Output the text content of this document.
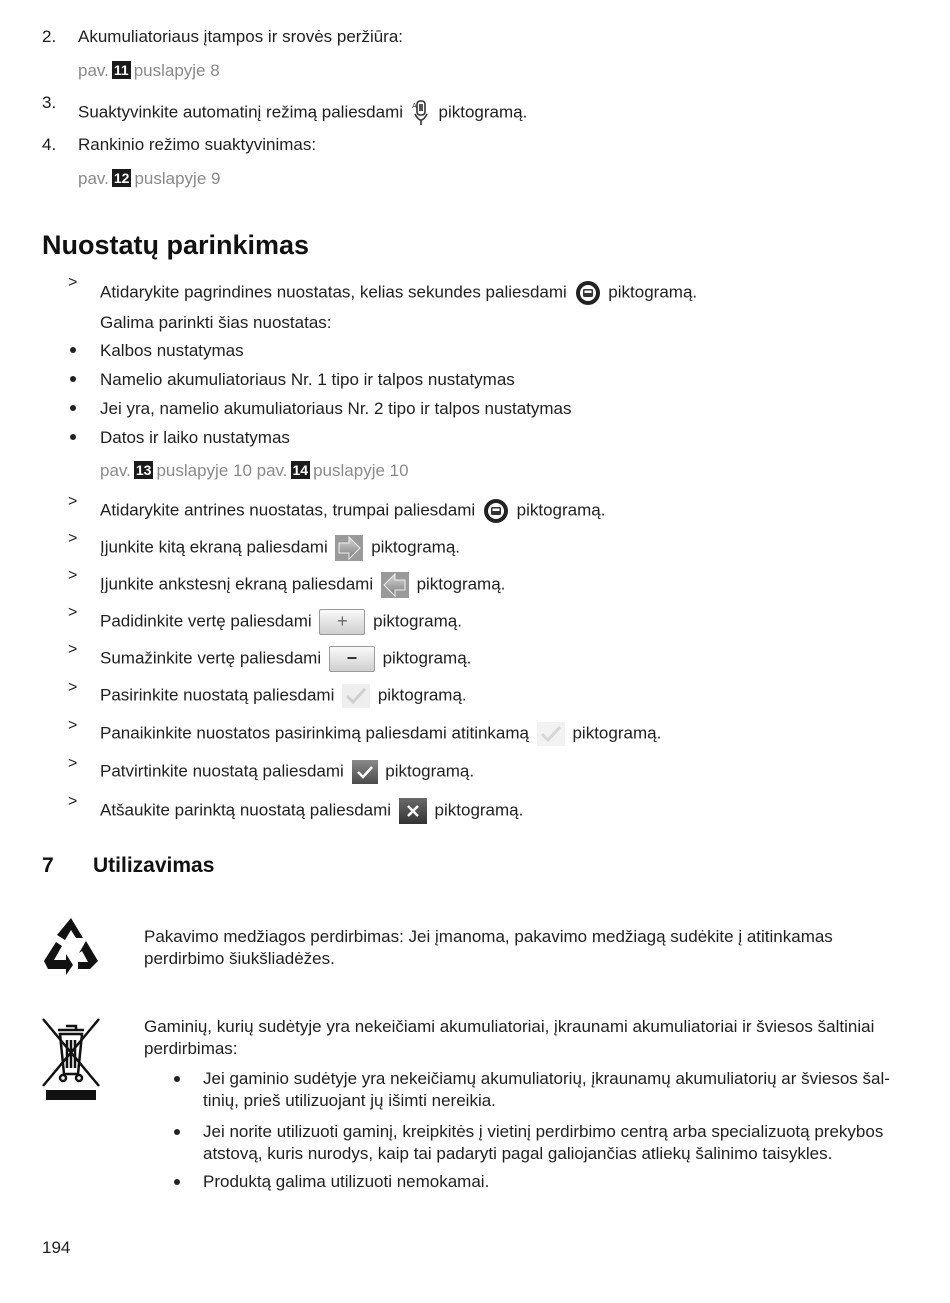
2. Akumuliatoriaus įtampos ir srovės peržiūra:
pav. 11 puslapyje 8
3. Suaktyvinkite automatinį režimą paliesdami A piktogramą.
4. Rankinio režimo suaktyvinimas:
pav. 12 puslapyje 9
Nuostatų parinkimas
> Atidarykite pagrindines nuostatas, kelias sekundes paliesdami piktogramą.
Galima parinkti šias nuostatas:
Kalbos nustatymas
Namelio akumuliatoriaus Nr. 1 tipo ir talpos nustatymas
Jei yra, namelio akumuliatoriaus Nr. 2 tipo ir talpos nustatymas
Datos ir laiko nustatymas
pav. 13 puslapyje 10 pav. 14 puslapyje 10
> Atidarykite antrines nuostatas, trumpai paliesdami piktogramą.
> Įjunkite kitą ekraną paliesdami	piktogramą.
> Įjunkite ankstesnį ekraną paliesdami	piktogramą.
> Padidinkite vertę paliesdami + piktogramą.
> Sumažinkite vertę paliesdami − piktogramą.
> Pasirinkite nuostatą paliesdami	piktogramą.
> Panaikinkite nuostatos pasirinkimą paliesdami atitinkamą	piktogramą.
> Patvirtinkite nuostatą paliesdami piktogramą.
> Atšaukite parinktą nuostatą paliesdami	piktogramą.
7 Utilizavimas
Pakavimo medžiagos perdirbimas: Jei įmanoma, pakavimo medžiagą sudėkite į atitinkamas perdirbimo šiukšliadėžes.
Gaminių, kurių sudėtyje yra nekeičiami akumuliatoriai, įkraunami akumuliatoriai ir šviesos šaltiniai perdirbimas:
Jei gaminio sudėtyje yra nekeičiamų akumuliatorių, įkraunamų akumuliatorių ar šviesos šal-tinių, prieš utilizuojant jų išimti nereikia.
Jei norite utilizuoti gaminį, kreipkitės į vietinį perdirbimo centrą arba specializuotą prekybos atstovą, kuris nurodys, kaip tai padaryti pagal galiojančias atliekų šalinimo taisykles.
Produktą galima utilizuoti nemokamai.
194
